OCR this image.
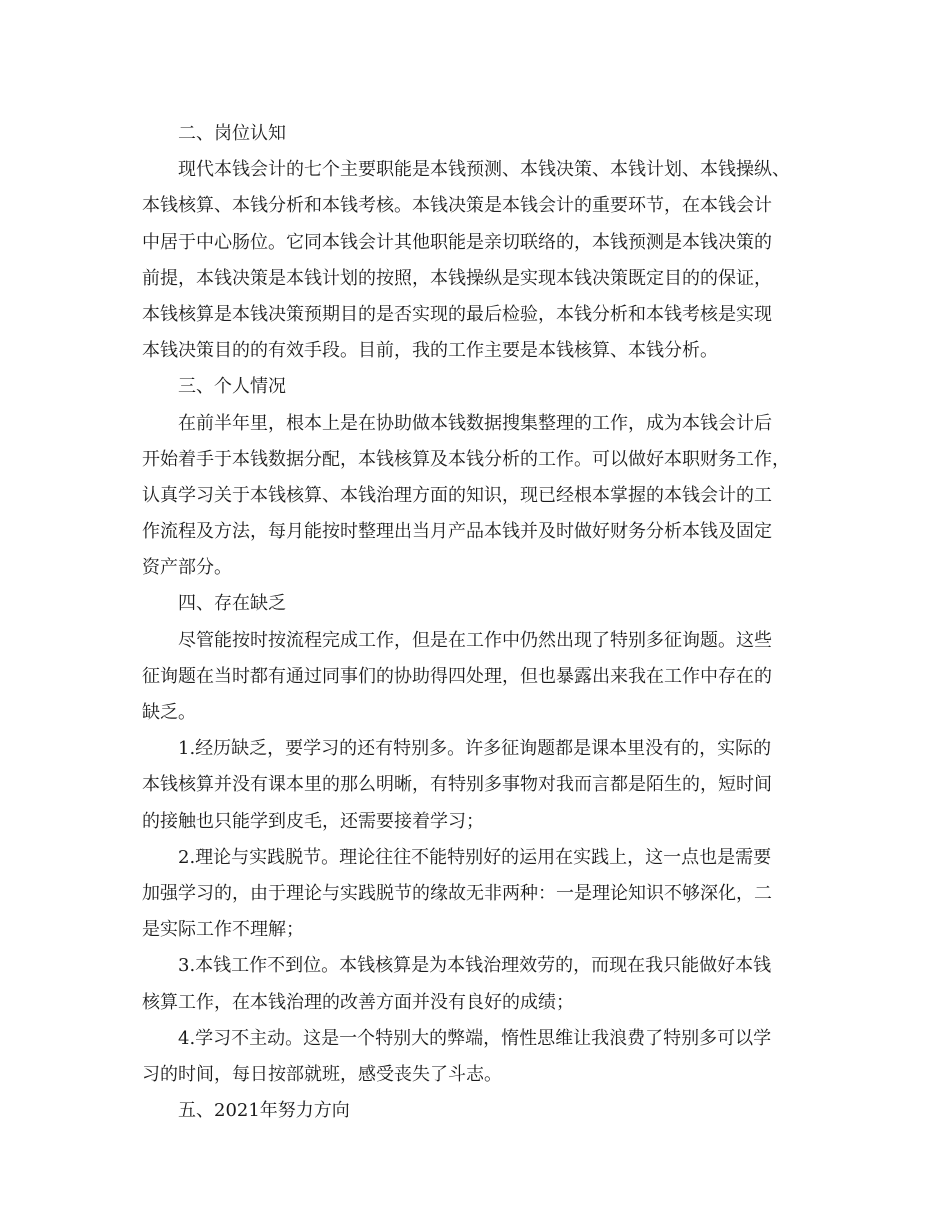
二、岗位认知
现代本钱会计的七个主要职能是本钱预测、本钱决策、本钱计划、本钱操纵、
本钱核算、本钱分析和本钱考核。本钱决策是本钱会计的重要环节，在本钱会计
中居于中心肠位。它同本钱会计其他职能是亲切联络的，本钱预测是本钱决策的
前提，本钱决策是本钱计划的按照，本钱操纵是实现本钱决策既定目的的保证，
本钱核算是本钱决策预期目的是否实现的最后检验，本钱分析和本钱考核是实现
本钱决策目的的有效手段。目前，我的工作主要是本钱核算、本钱分析。
三、个人情况
在前半年里，根本上是在协助做本钱数据搜集整理的工作，成为本钱会计后
开始着手于本钱数据分配，本钱核算及本钱分析的工作。可以做好本职财务工作，
认真学习关于本钱核算、本钱治理方面的知识，现已经根本掌握的本钱会计的工
作流程及方法，每月能按时整理出当月产品本钱并及时做好财务分析本钱及固定
资产部分。
四、存在缺乏
尽管能按时按流程完成工作，但是在工作中仍然出现了特别多征询题。这些
征询题在当时都有通过同事们的协助得四处理，但也暴露出来我在工作中存在的
缺乏。
1.经历缺乏，要学习的还有特别多。许多征询题都是课本里没有的，实际的
本钱核算并没有课本里的那么明晰，有特别多事物对我而言都是陌生的，短时间
的接触也只能学到皮毛，还需要接着学习；
2.理论与实践脱节。理论往往不能特别好的运用在实践上，这一点也是需要
加强学习的，由于理论与实践脱节的缘故无非两种：一是理论知识不够深化，二
是实际工作不理解；
3.本钱工作不到位。本钱核算是为本钱治理效劳的，而现在我只能做好本钱
核算工作，在本钱治理的改善方面并没有良好的成绩；
4.学习不主动。这是一个特别大的弊端，惰性思维让我浪费了特别多可以学
习的时间，每日按部就班，感受丧失了斗志。
五、2021年努力方向
